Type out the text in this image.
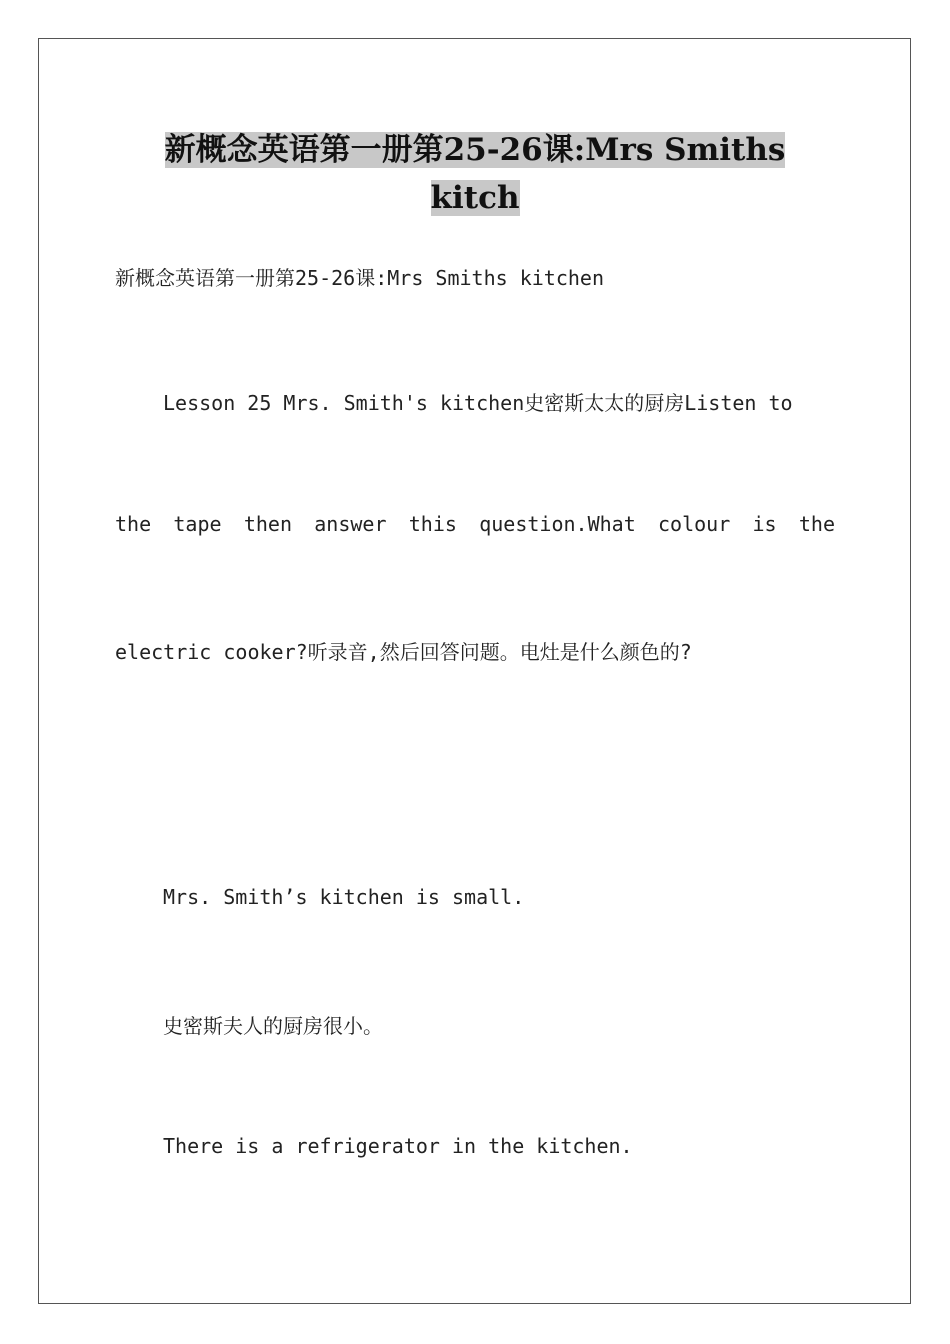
新概念英语第一册第25-26课:Mrs Smiths
kitch

新概念英语第一册第25-26课:Mrs Smiths kitchen

Lesson 25 Mrs. Smith's kitchen史密斯太太的厨房Listen to

the tape then answer this question.What colour is the

electric cooker?听录音,然后回答问题。电灶是什么颜色的?

Mrs. Smith’s kitchen is small.

史密斯夫人的厨房很小。

There is a refrigerator in the kitchen.
